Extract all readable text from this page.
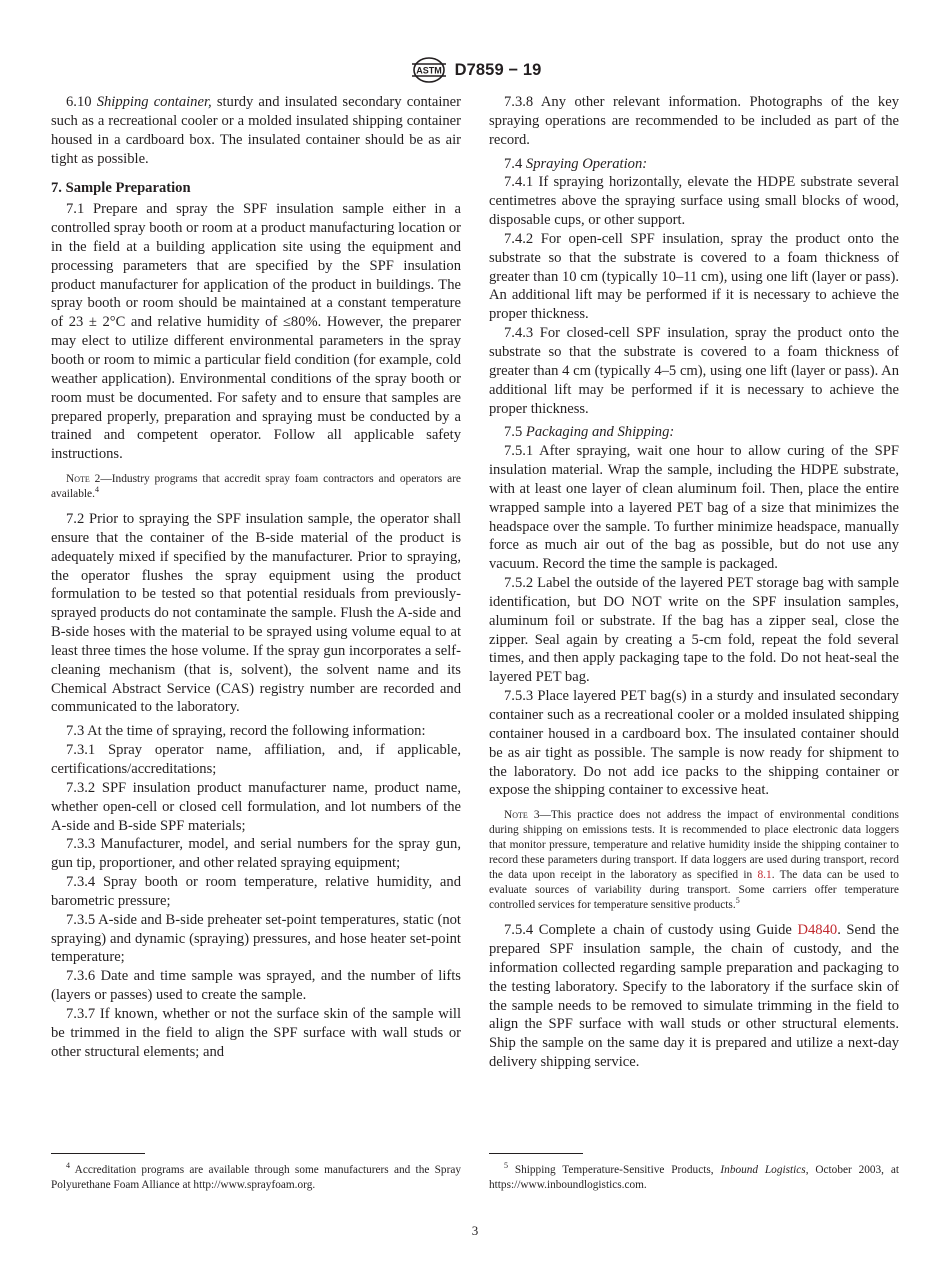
ASTM D7859 − 19

6.10 Shipping container, sturdy and insulated secondary container such as a recreational cooler or a molded insulated shipping container housed in a cardboard box. The insulated container should be as air tight as possible.

7. Sample Preparation

7.1 Prepare and spray the SPF insulation sample either in a controlled spray booth or room at a product manufacturing location or in the field at a building application site using the equipment and processing parameters that are specified by the SPF insulation product manufacturer for application of the product in buildings. The spray booth or room should be maintained at a constant temperature of 23 ± 2°C and relative humidity of ≤80%. However, the preparer may elect to utilize different environmental parameters in the spray booth or room to mimic a particular field condition (for example, cold weather application). Environmental conditions of the spray booth or room must be documented. For safety and to ensure that samples are prepared properly, preparation and spraying must be conducted by a trained and competent operator. Follow all applicable safety instructions.

Note 2—Industry programs that accredit spray foam contractors and operators are available.$^4$

7.2 Prior to spraying the SPF insulation sample, the operator shall ensure that the container of the B-side material of the product is adequately mixed if specified by the manufacturer. Prior to spraying, the operator flushes the spray equipment using the product formulation to be tested so that potential residuals from previously-sprayed products do not contaminate the sample. Flush the A-side and B-side hoses with the material to be sprayed using volume equal to at least three times the hose volume. If the spray gun incorporates a self-cleaning mechanism (that is, solvent), the solvent name and its Chemical Abstract Service (CAS) registry number are recorded and communicated to the laboratory.

7.3 At the time of spraying, record the following information:

7.3.1 Spray operator name, affiliation, and, if applicable, certifications/accreditations;

7.3.2 SPF insulation product manufacturer name, product name, whether open-cell or closed cell formulation, and lot numbers of the A-side and B-side SPF materials;

7.3.3 Manufacturer, model, and serial numbers for the spray gun, gun tip, proportioner, and other related spraying equipment;

7.3.4 Spray booth or room temperature, relative humidity, and barometric pressure;

7.3.5 A-side and B-side preheater set-point temperatures, static (not spraying) and dynamic (spraying) pressures, and hose heater set-point temperature;

7.3.6 Date and time sample was sprayed, and the number of lifts (layers or passes) used to create the sample.

7.3.7 If known, whether or not the surface skin of the sample will be trimmed in the field to align the SPF surface with wall studs or other structural elements; and

7.3.8 Any other relevant information. Photographs of the key spraying operations are recommended to be included as part of the record.

7.4 Spraying Operation:

7.4.1 If spraying horizontally, elevate the HDPE substrate several centimetres above the spraying surface using small blocks of wood, disposable cups, or other support.

7.4.2 For open-cell SPF insulation, spray the product onto the substrate so that the substrate is covered to a foam thickness of greater than 10 cm (typically 10–11 cm), using one lift (layer or pass). An additional lift may be performed if it is necessary to achieve the proper thickness.

7.4.3 For closed-cell SPF insulation, spray the product onto the substrate so that the substrate is covered to a foam thickness of greater than 4 cm (typically 4–5 cm), using one lift (layer or pass). An additional lift may be performed if it is necessary to achieve the proper thickness.

7.5 Packaging and Shipping:

7.5.1 After spraying, wait one hour to allow curing of the SPF insulation material. Wrap the sample, including the HDPE substrate, with at least one layer of clean aluminum foil. Then, place the entire wrapped sample into a layered PET bag of a size that minimizes the headspace over the sample. To further minimize headspace, manually force as much air out of the bag as possible, but do not use any vacuum. Record the time the sample is packaged.

7.5.2 Label the outside of the layered PET storage bag with sample identification, but DO NOT write on the SPF insulation samples, aluminum foil or substrate. If the bag has a zipper seal, close the zipper. Seal again by creating a 5-cm fold, repeat the fold several times, and then apply packaging tape to the fold. Do not heat-seal the layered PET bag.

7.5.3 Place layered PET bag(s) in a sturdy and insulated secondary container such as a recreational cooler or a molded insulated shipping container housed in a cardboard box. The insulated container should be as air tight as possible. The sample is now ready for shipment to the laboratory. Do not add ice packs to the shipping container or expose the shipping container to excessive heat.

Note 3—This practice does not address the impact of environmental conditions during shipping on emissions tests. It is recommended to place electronic data loggers that monitor pressure, temperature and relative humidity inside the shipping container to record these parameters during transport. If data loggers are used during transport, record the data upon receipt in the laboratory as specified in 8.1. The data can be used to evaluate sources of variability during transport. Some carriers offer temperature controlled services for temperature sensitive products.$^5$

7.5.4 Complete a chain of custody using Guide D4840. Send the prepared SPF insulation sample, the chain of custody, and the information collected regarding sample preparation and packaging to the testing laboratory. Specify to the laboratory if the surface skin of the sample needs to be removed to simulate trimming in the field to align the SPF surface with wall studs or other structural elements. Ship the sample on the same day it is prepared and utilize a next-day delivery shipping service.

$^4$ Accreditation programs are available through some manufacturers and the Spray Polyurethane Foam Alliance at http://www.sprayfoam.org.

$^5$ Shipping Temperature-Sensitive Products, Inbound Logistics, October 2003, at https://www.inboundlogistics.com.

3
